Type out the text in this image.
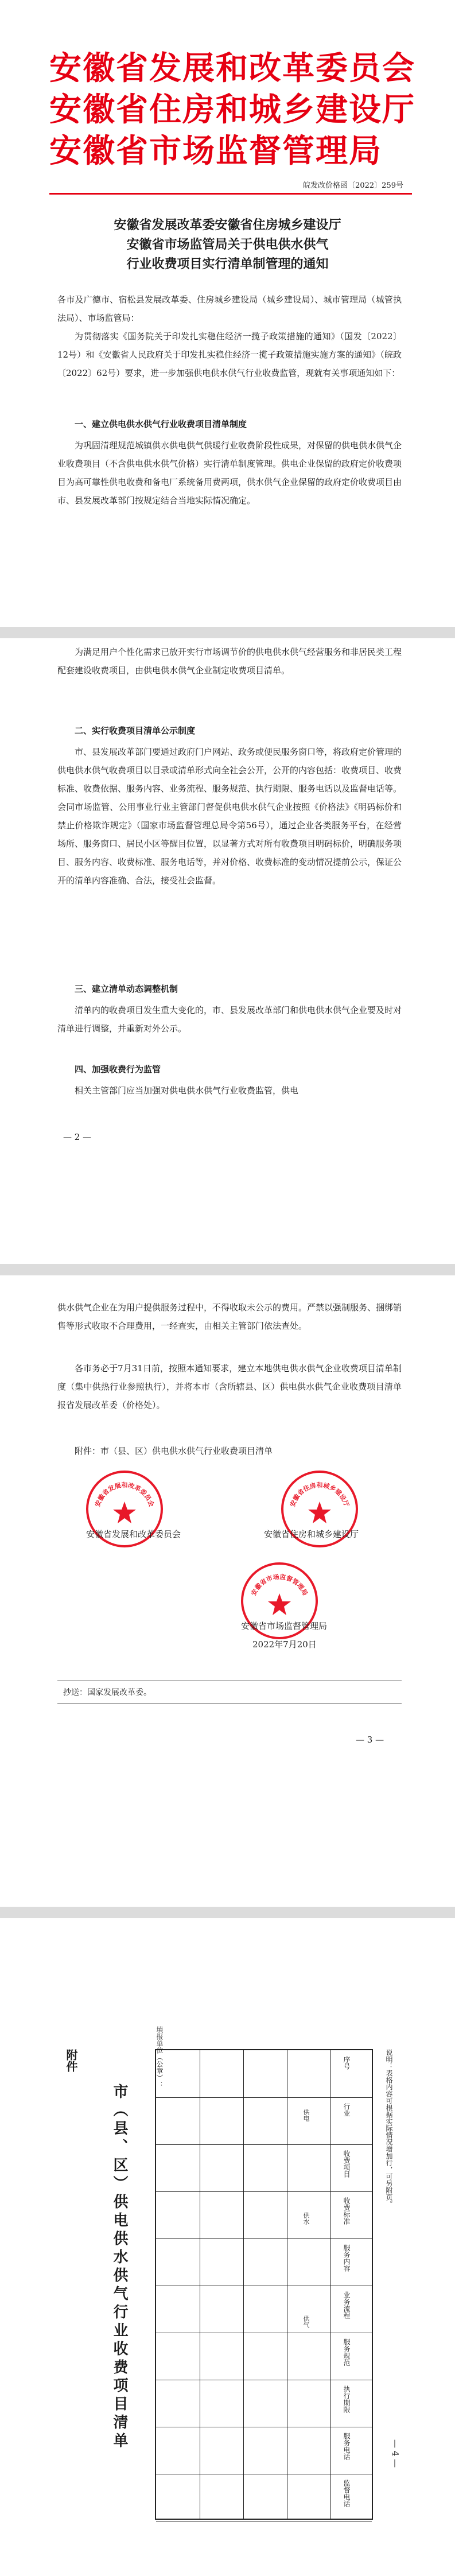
安徽省发展和改革委员会
安徽省住房和城乡建设厅
安徽省市场监督管理局
皖发改价格函〔2022〕259号
安徽省发展改革委安徽省住房城乡建设厅
安徽省市场监管局关于供电供水供气
行业收费项目实行清单制管理的通知
各市及广德市、宿松县发展改革委、住房城乡建设局（城乡建设局）、城市管理局（城管执法局）、市场监管局：
为贯彻落实《国务院关于印发扎实稳住经济一揽子政策措施的通知》（国发〔2022〕12号）和《安徽省人民政府关于印发扎实稳住经济一揽子政策措施实施方案的通知》（皖政〔2022〕62号）要求，进一步加强供电供水供气行业收费监管，现就有关事项通知如下：
一、建立供电供水供气行业收费项目清单制度
为巩固清理规范城镇供水供电供气供暖行业收费阶段性成果，对保留的供电供水供气企业收费项目（不含供电供水供气价格）实行清单制度管理。供电企业保留的政府定价收费项目为高可靠性供电收费和备电厂系统备用费两项，供水供气企业保留的政府定价收费项目由市、县发展改革部门按规定结合当地实际情况确定。
为满足用户个性化需求已放开实行市场调节价的供电供水供气经营服务和非居民类工程配套建设收费项目，由供电供水供气企业制定收费项目清单。
二、实行收费项目清单公示制度
市、县发展改革部门要通过政府门户网站、政务或便民服务窗口等，将政府定价管理的供电供水供气收费项目以目录或清单形式向全社会公开，公开的内容包括：收费项目、收费标准、收费依据、服务内容、业务流程、服务规范、执行期限、服务电话以及监督电话等。会同市场监管、公用事业行业主管部门督促供电供水供气企业按照《价格法》《明码标价和禁止价格欺诈规定》（国家市场监督管理总局令第56号），通过企业各类服务平台，在经营场所、服务窗口、居民小区等醒目位置，以显著方式对所有收费项目明码标价，明确服务项目、服务内容、收费标准、服务电话等，并对价格、收费标准的变动情况提前公示，保证公开的清单内容准确、合法，接受社会监督。
三、建立清单动态调整机制
清单内的收费项目发生重大变化的，市、县发展改革部门和供电供水供气企业要及时对清单进行调整，并重新对外公示。
四、加强收费行为监管
相关主管部门应当加强对供电供水供气行业收费监管，供电
— 2 —
供水供气企业在为用户提供服务过程中，不得收取未公示的费用。严禁以强制服务、捆绑销售等形式收取不合理费用，一经查实，由相关主管部门依法查处。
各市务必于7月31日前，按照本通知要求，建立本地供电供水供气企业收费项目清单制度（集中供热行业参照执行），并将本市（含所辖县、区）供电供水供气企业收费项目清单报省发展改革委（价格处）。
附件：市（县、区）供电供水供气行业收费项目清单
安徽省发展和改革委员会
安徽省发展和改革委员会
安徽省住房和城乡建设厅
安徽省住房和城乡建设厅
安徽省市场监督管理局
安徽省市场监督管理局
2022年7月20日
抄送：国家发展改革委。
— 3 —
附件
市（县、区）供电供水供气行业收费项目清单
填报单位（公章）：	序号
行业
收费项目
收费标准
服务内容
业务流程
服务规范
执行期限
服务电话
监督电话
供电
供水
供气
说明：表格内容可根据实际情况增加行，可另附页。
— 4 —
